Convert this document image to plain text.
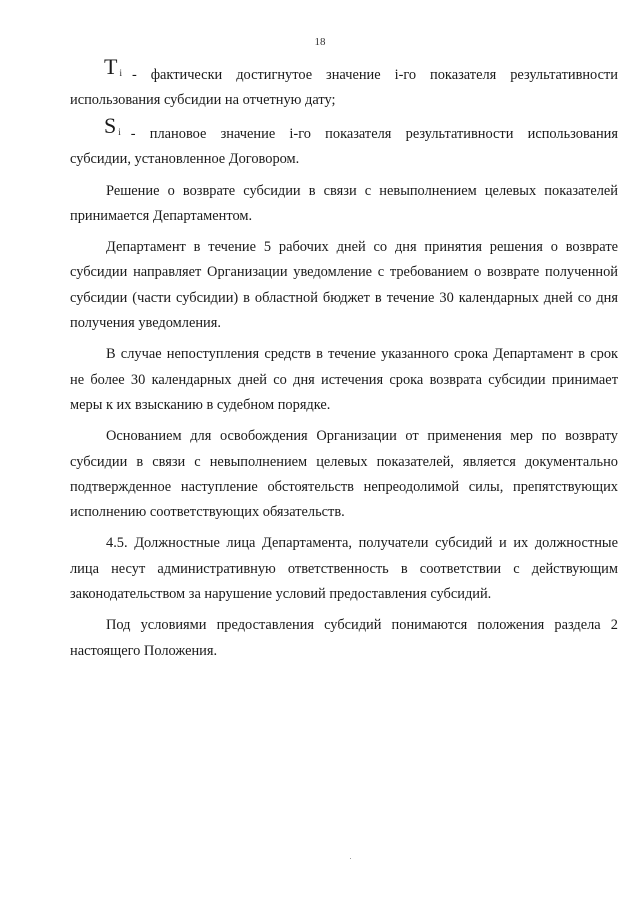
18
T $_i$ - фактически достигнутое значение i-го показателя результативности

использования субсидии на отчетную дату;

S $_i$ - плановое значение i-го показателя результативности использования

субсидии, установленное Договором.

Решение о возврате субсидии в связи с невыполнением целевых показателей принимается Департаментом.

Департамент в течение 5 рабочих дней со дня принятия решения о возврате субсидии направляет Организации уведомление с требованием о возврате полученной субсидии (части субсидии) в областной бюджет в течение 30 календарных дней со дня получения уведомления.

В случае непоступления средств в течение указанного срока Департамент в срок не более 30 календарных дней со дня истечения срока возврата субсидии принимает меры к их взысканию в судебном порядке.

Основанием для освобождения Организации от применения мер по возврату субсидии в связи с невыполнением целевых показателей, является документально подтвержденное наступление обстоятельств непреодолимой силы, препятствующих исполнению соответствующих обязательств.

4.5. Должностные лица Департамента, получатели субсидий и их должностные лица несут административную ответственность в соответствии с действующим законодательством за нарушение условий предоставления субсидий.

Под условиями предоставления субсидий понимаются положения раздела 2 настоящего Положения.
